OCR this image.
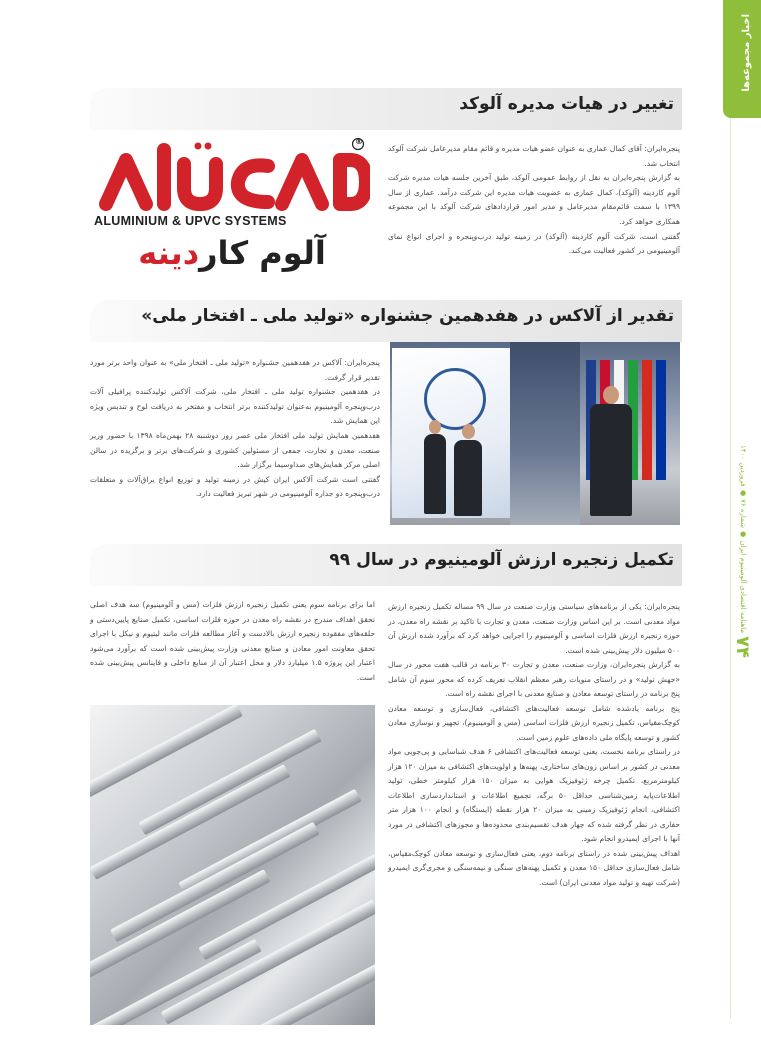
اخبار مجموعه‌ها
ماهنامه اقتصادی آلومینیوم ایران ● شماره ۷۶ ● فروردین ۱۴۰۰
۷۴
تغییر در هیات مدیره آلوکد

پنجره‌ایران: آقای کمال عماری به عنوان عضو هیات مدیره و قائم مقام مدیرعامل شرکت آلوکد انتخاب شد.

به گزارش پنجره‌ایران به نقل از روابط عمومی آلوکد، طبق آخرین جلسه هیات مدیره شرکت آلوم کاردینه (آلوکد)، کمال عماری به عضویت هیات مدیره این شرکت درآمد. عماری از سال ۱۳۹۹ با سمت قائم‌مقام مدیرعامل و مدیر امور قراردادهای شرکت آلوکد با این مجموعه همکاری خواهد کرد.

گفتنی است، شرکت آلوم کاردینه (آلوکد) در زمینه تولید درب‌وپنجره و اجرای انواع نمای آلومینیومی در کشور فعالیت می‌کند.

®
ALUMINIUM & UPVC SYSTEMS
آلوم کاردینه
تقدیر از آلاکس در هفدهمین جشنواره «تولید ملی ـ افتخار ملی»

پنجره‌ایران: آلاکس در هفدهمین جشنواره «تولید ملی ـ افتخار ملی» به عنوان واحد برتر مورد تقدیر قرار گرفت.

در هفدهمین جشنواره تولید ملی ـ افتخار ملی، شرکت آلاکس تولیدکننده پرافیلی آلات درب‌وپنجره آلومینیوم به‌عنوان تولیدکننده برتر انتخاب و مفتخر به دریافت لوح و تندیس ویژه این همایش شد.

هفدهمین همایش تولید ملی افتخار ملی عصر روز دوشنبه ۲۸ بهمن‌ماه ۱۳۹۸ با حضور وزیر صنعت، معدن و تجارت، جمعی از مسئولین کشوری و شرکت‌های برتر و برگزیده در سالن اصلی مرکز همایش‌های صداوسیما برگزار شد.

گفتنی است شرکت آلاکس ایران کیش در زمینه تولید و توزیع انواع یراق‌آلات و متعلقات درب‌وپنجره دو جداره آلومینیومی در شهر تبریز فعالیت دارد.

تکمیل زنجیره ارزش آلومینیوم در سال ۹۹

پنجره‌ایران: یکی از برنامه‌های سیاستی وزارت صنعت در سال ۹۹ مساله تکمیل زنجیره ارزش مواد معدنی است. بر این اساس وزارت صنعت، معدن و تجارت با تاکید بر نقشه راه معدن، در حوزه زنجیره ارزش فلزات اساسی و آلومینیوم را اجرایی خواهد کرد که برآورد شده ارزش آن ۵۰۰ میلیون دلار پیش‌بینی شده است.

به گزارش پنجره‌ایران، وزارت صنعت، معدن و تجارت ۳۰ برنامه در قالب هفت محور در سال «جهش تولید» و در راستای منویات رهبر معظم انقلاب تعریف کرده که محور سوم آن شامل پنج برنامه در راستای توسعه معادن و صنایع معدنی با اجرای نقشه راه است.

پنج برنامه یادشده شامل توسعه فعالیت‌های اکتشافی، فعال‌سازی و توسعه معادن کوچک‌مقیاس، تکمیل زنجیره ارزش فلزات اساسی (مس و آلومینیوم)، تجهیز و نوسازی معادن کشور و توسعه پایگاه ملی داده‌های علوم زمین است.

در راستای برنامه نخست، یعنی توسعه فعالیت‌های اکتشافی ۶ هدف شناسایی و پی‌جویی مواد معدنی در کشور بر اساس زون‌های ساختاری، پهنه‌ها و اولویت‌های اکتشافی به میزان ۱۲۰ هزار کیلومترمربع، تکمیل چرخه ژئوفیزیک هوایی به میزان ۱۵۰ هزار کیلومتر خطی، تولید اطلاعات‌پایه زمین‌شناسی حداقل ۵۰ برگه، تجمیع اطلاعات و استانداردسازی اطلاعات اکتشافی، انجام ژئوفیزیک زمینی به میزان ۲۰ هزار نقطه (ایستگاه) و انجام ۱۰۰ هزار متر حفاری در نظر گرفته شده که چهار هدف تقسیم‌بندی محدوده‌ها و مجوزهای اکتشافی در مورد آنها با اجرای ایمیدرو انجام شود.

اهداف پیش‌بینی شده در راستای برنامه دوم، یعنی فعال‌سازی و توسعه معادن کوچک‌مقیاس، شامل فعال‌سازی حداقل ۱۵۰ معدن و تکمیل پهنه‌های سنگی و نیمه‌سنگی و مجری‌گری ایمیدرو (شرکت تهیه و تولید مواد معدنی ایران) است.

اما برای برنامه سوم یعنی تکمیل زنجیره ارزش فلزات (مس و آلومینیوم) سه هدف اصلی تحقق اهداف مندرج در نقشه راه معدن در حوزه فلزات اساسی، تکمیل صنایع پایین‌دستی و حلقه‌های مفقوده زنجیره ارزش با‌لادست و آغاز مطالعه فلزات مانند لیتیوم و نیکل با اجرای تحقق معاونت امور معادن و صنایع معدنی وزارت پیش‌بینی شده است که برآورد می‌شود اعتبار این پروژه ۱.۵ میلیارد دلار و محل اعتبار آن از منابع داخلی و فاینانس پیش‌بینی شده است.
